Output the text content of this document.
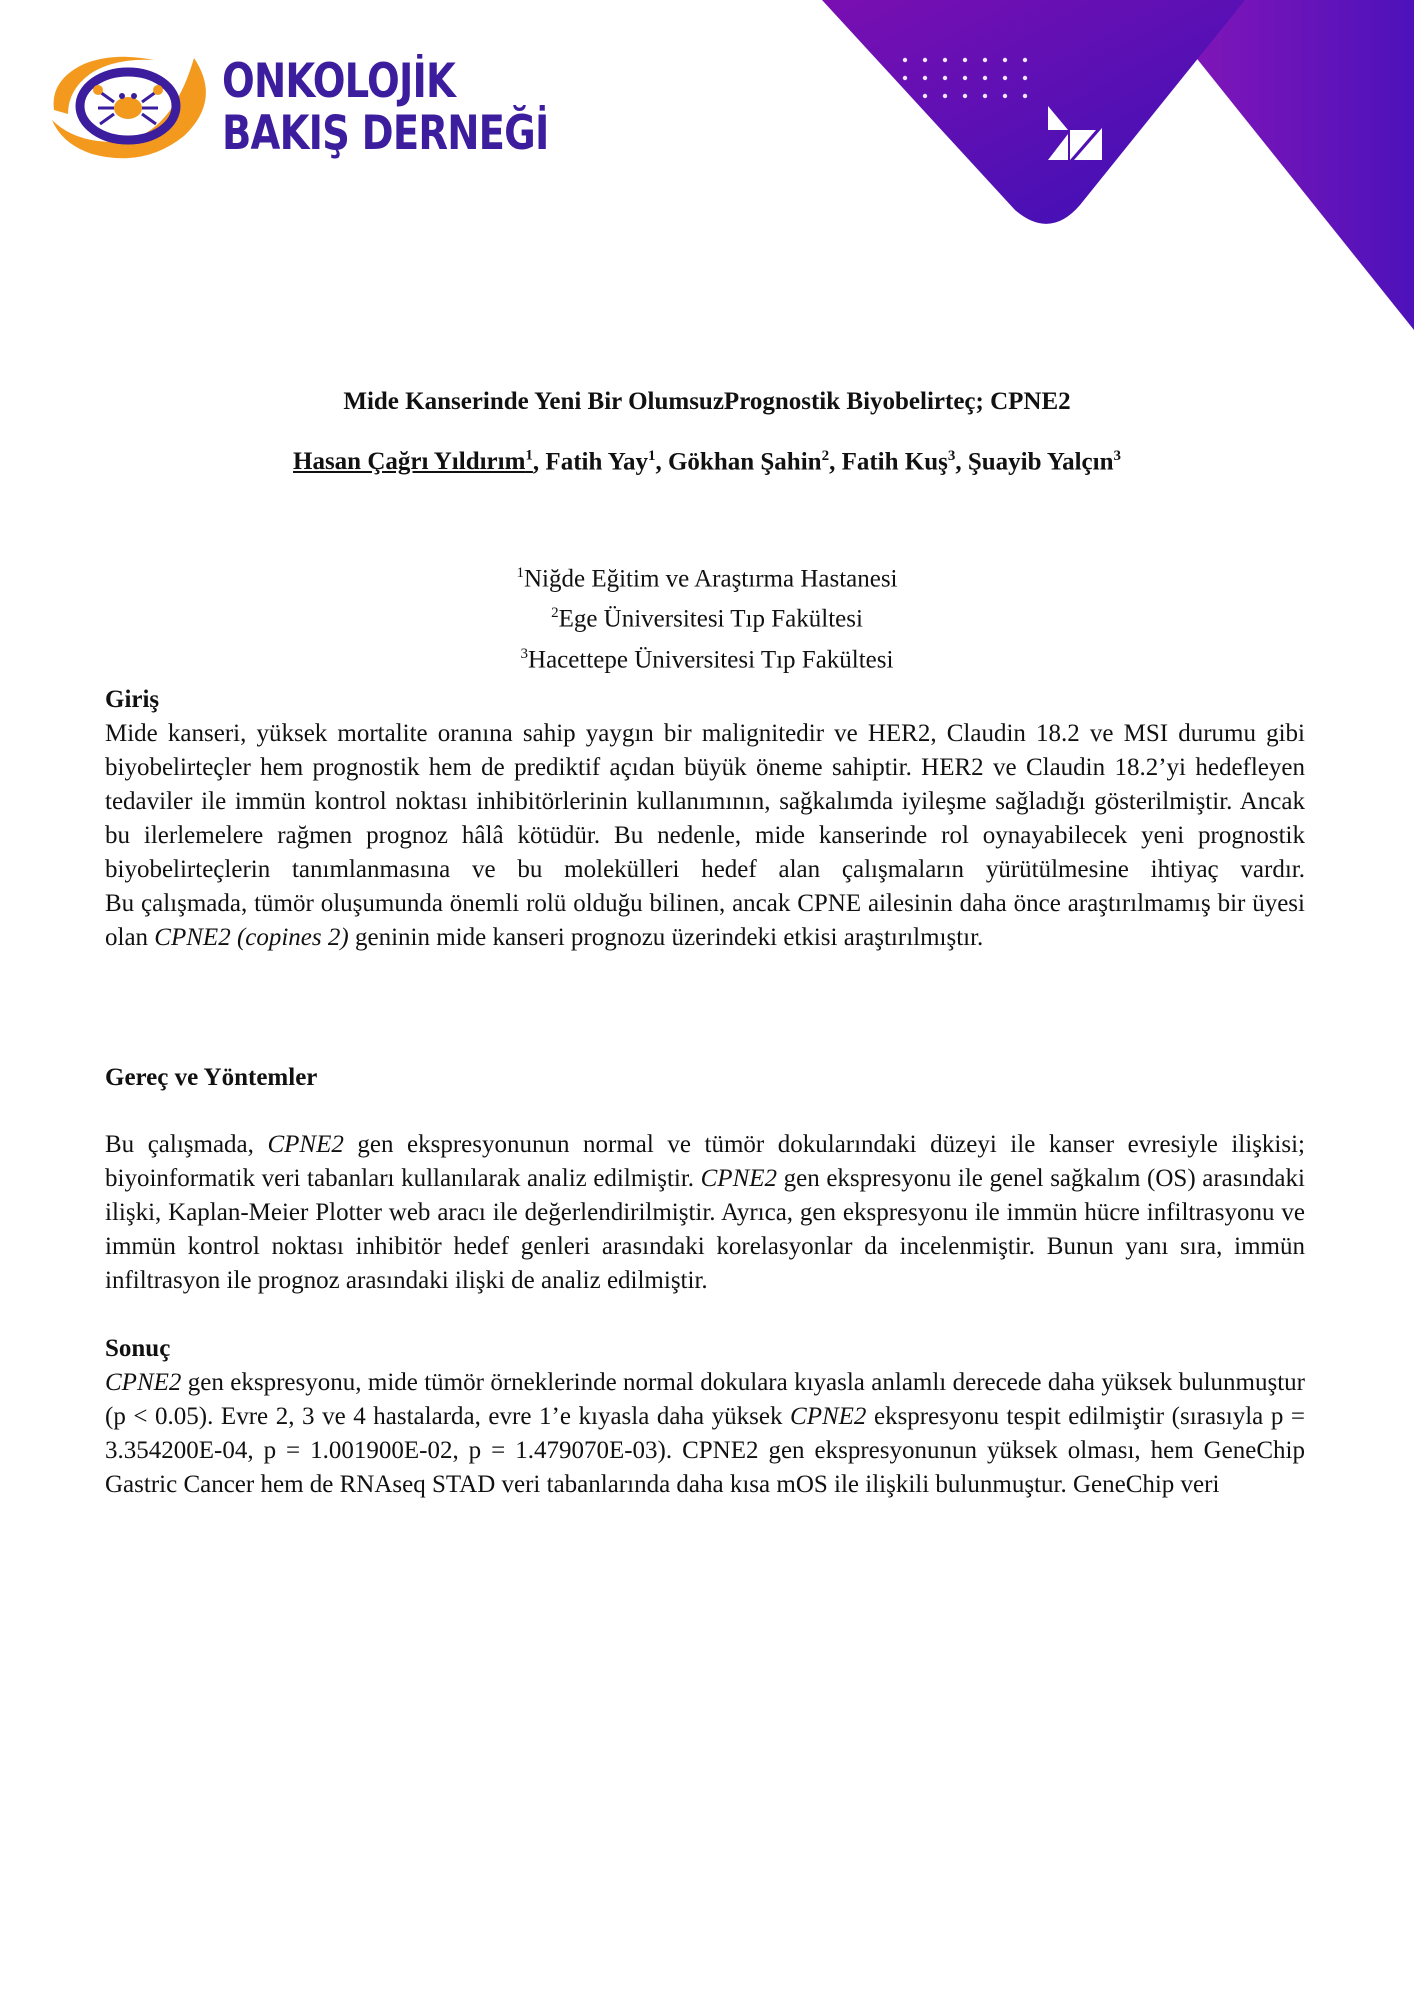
ONKOLOJİK
BAKIŞ DERNEĞİ
Mide Kanserinde Yeni Bir OlumsuzPrognostik Biyobelirteç; CPNE2
Hasan Çağrı Yıldırım$^1$, Fatih Yay$^1$, Gökhan Şahin$^2$, Fatih Kuş$^3$, Şuayib Yalçın$^3$
$^1$Niğde Eğitim ve Araştırma Hastanesi
$^2$Ege Üniversitesi Tıp Fakültesi
$^3$Hacettepe Üniversitesi Tıp Fakültesi

Giriş

Mide kanseri, yüksek mortalite oranına sahip yaygın bir malignitedir ve HER2, Claudin 18.2 ve MSI durumu gibi biyobelirteçler hem prognostik hem de prediktif açıdan büyük öneme sahiptir. HER2 ve Claudin 18.2’yi hedefleyen tedaviler ile immün kontrol noktası inhibitörlerinin kullanımının, sağkalımda iyileşme sağladığı gösterilmiştir. Ancak bu ilerlemelere rağmen prognoz hâlâ kötüdür. Bu nedenle, mide kanserinde rol oynayabilecek yeni prognostik biyobelirteçlerin tanımlanmasına ve bu molekülleri hedef alan çalışmaların yürütülmesine ihtiyaç vardır.

Bu çalışmada, tümör oluşumunda önemli rolü olduğu bilinen, ancak CPNE ailesinin daha önce araştırılmamış bir üyesi olan CPNE2 (copines 2) geninin mide kanseri prognozu üzerindeki etkisi araştırılmıştır.

Gereç ve Yöntemler

Bu çalışmada, CPNE2 gen ekspresyonunun normal ve tümör dokularındaki düzeyi ile kanser evresiyle ilişkisi; biyoinformatik veri tabanları kullanılarak analiz edilmiştir. CPNE2 gen ekspresyonu ile genel sağkalım (OS) arasındaki ilişki, Kaplan-Meier Plotter web aracı ile değerlendirilmiştir. Ayrıca, gen ekspresyonu ile immün hücre infiltrasyonu ve immün kontrol noktası inhibitör hedef genleri arasındaki korelasyonlar da incelenmiştir. Bunun yanı sıra, immün infiltrasyon ile prognoz arasındaki ilişki de analiz edilmiştir.

Sonuç

CPNE2 gen ekspresyonu, mide tümör örneklerinde normal dokulara kıyasla anlamlı derecede daha yüksek bulunmuştur (p < 0.05). Evre 2, 3 ve 4 hastalarda, evre 1’e kıyasla daha yüksek CPNE2 ekspresyonu tespit edilmiştir (sırasıyla p = 3.354200E-04, p = 1.001900E-02, p = 1.479070E-03). CPNE2 gen ekspresyonunun yüksek olması, hem GeneChip Gastric Cancer hem de RNAseq STAD veri tabanlarında daha kısa mOS ile ilişkili bulunmuştur. GeneChip veri
